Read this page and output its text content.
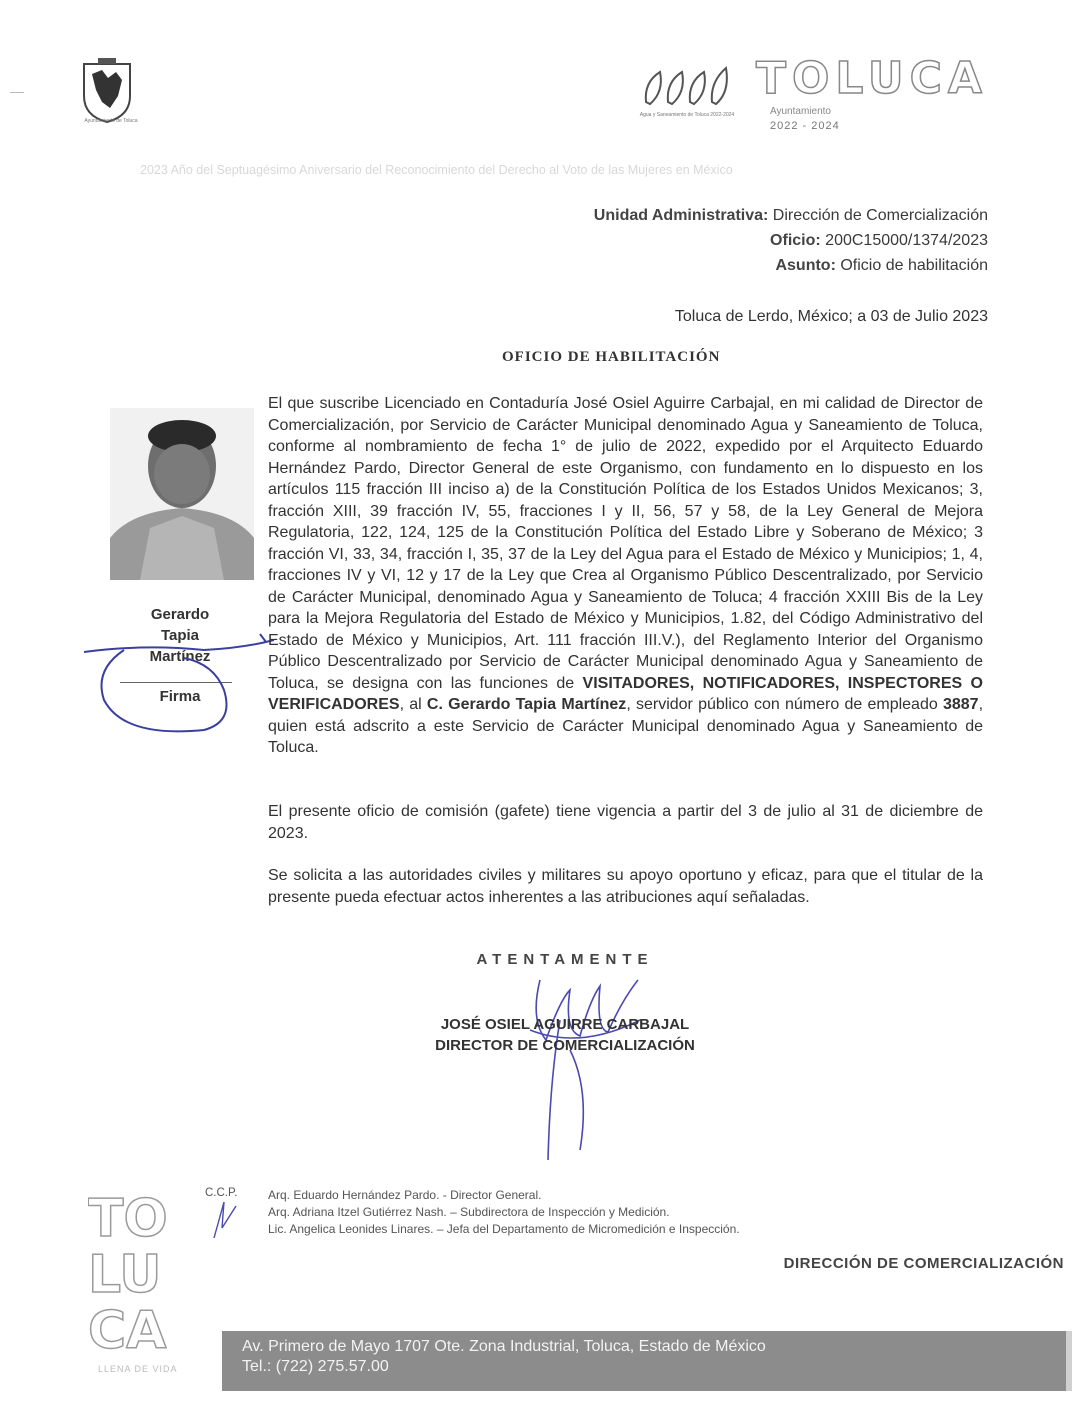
Ayuntamiento de Toluca
Agua y Saneamiento de Toluca 2022-2024
TOLUCA
Ayuntamiento
2022 - 2024
2023 Año del Septuagésimo Aniversario del Reconocimiento del Derecho al Voto de las Mujeres en México
Unidad Administrativa: Dirección de Comercialización
Oficio: 200C15000/1374/2023
Asunto: Oficio de habilitación
Toluca de Lerdo, México; a 03 de Julio 2023
OFICIO DE HABILITACIÓN
Gerardo
Tapia
Martínez
Firma
El que suscribe Licenciado en Contaduría José Osiel Aguirre Carbajal, en mi calidad de Director de Comercialización, por Servicio de Carácter Municipal denominado Agua y Saneamiento de Toluca, conforme al nombramiento de fecha 1° de julio de 2022, expedido por el Arquitecto Eduardo Hernández Pardo, Director General de este Organismo, con fundamento en lo dispuesto en los artículos 115 fracción III inciso a) de la Constitución Política de los Estados Unidos Mexicanos; 3, fracción XIII, 39 fracción IV, 55, fracciones I y II, 56, 57 y 58, de la Ley General de Mejora Regulatoria, 122, 124, 125 de la Constitución Política del Estado Libre y Soberano de México; 3 fracción VI, 33, 34, fracción I, 35, 37 de la Ley del Agua para el Estado de México y Municipios; 1, 4, fracciones IV y VI, 12 y 17 de la Ley que Crea al Organismo Público Descentralizado, por Servicio de Carácter Municipal, denominado Agua y Saneamiento de Toluca; 4 fracción XXIII Bis de la Ley para la Mejora Regulatoria del Estado de México y Municipios, 1.82, del Código Administrativo del Estado de México y Municipios, Art. 111 fracción III.V.), del Reglamento Interior del Organismo Público Descentralizado por Servicio de Carácter Municipal denominado Agua y Saneamiento de Toluca, se designa con las funciones de VISITADORES, NOTIFICADORES, INSPECTORES O VERIFICADORES, al C. Gerardo Tapia Martínez, servidor público con número de empleado 3887, quien está adscrito a este Servicio de Carácter Municipal denominado Agua y Saneamiento de Toluca.
El presente oficio de comisión (gafete) tiene vigencia a partir del 3 de julio al 31 de diciembre de 2023.
Se solicita a las autoridades civiles y militares su apoyo oportuno y eficaz, para que el titular de la presente pueda efectuar actos inherentes a las atribuciones aquí señaladas.
ATENTAMENTE
JOSÉ OSIEL AGUIRRE CARBAJAL
DIRECTOR DE COMERCIALIZACIÓN
TO
LU
CA
LLENA DE VIDA
C.C.P.	Arq. Eduardo Hernández Pardo. - Director General.
Arq. Adriana Itzel Gutiérrez Nash. – Subdirectora de Inspección y Medición.
Lic. Angelica Leonides Linares. – Jefa del Departamento de Micromedición e Inspección.
DIRECCIÓN DE COMERCIALIZACIÓN
Av. Primero de Mayo 1707 Ote. Zona Industrial, Toluca, Estado de México
Tel.: (722) 275.57.00
